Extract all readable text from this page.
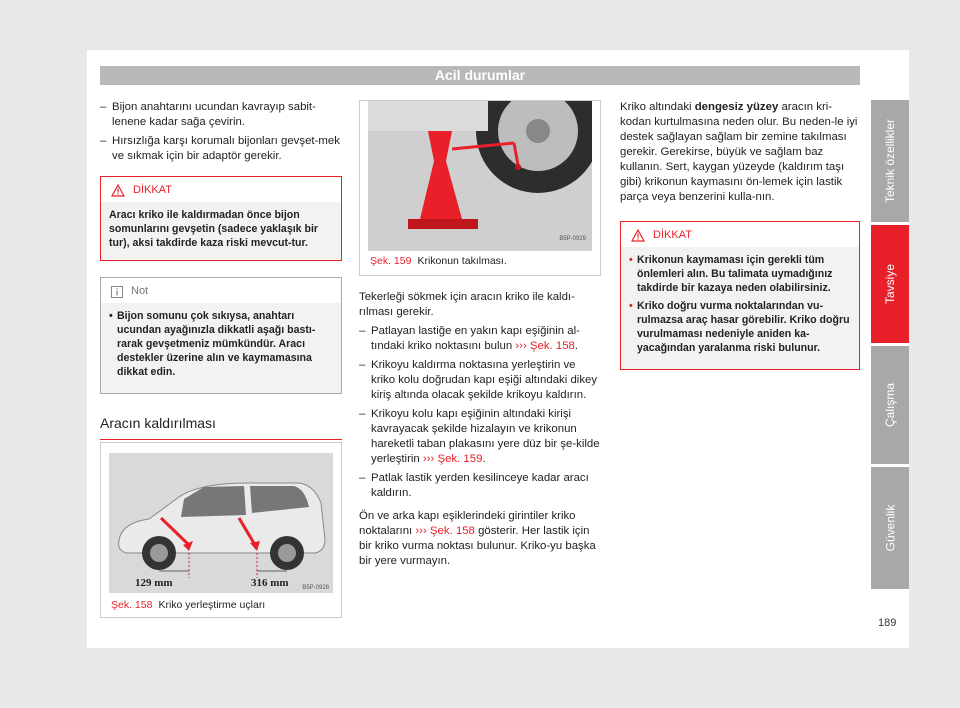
Acil durumlar
– Bijon anahtarını ucundan kavrayıp sabit-lenene kadar sağa çevirin.
– Hırsızlığa karşı korumalı bijonları gevşet-mek ve sıkmak için bir adaptör gerekir.
DİKKAT
Aracı kriko ile kaldırmadan önce bijon somunlarını gevşetin (sadece yaklaşık bir tur), aksi takdirde kaza riski mevcut-tur.
Not
• Bijon somunu çok sıkıysa, anahtarı ucundan ayağınızla dikkatli aşağı bastı-rarak gevşetmeniz mümkündür. Aracı destekler üzerine alın ve kaymamasına dikkat edin.
Aracın kaldırılması
129 mm	316 mm B5P-0928
Şek. 158 Kriko yerleştirme uçları
B5P-0929
Şek. 159 Krikonun takılması.

Tekerleği sökmek için aracın kriko ile kaldı-rılması gerekir.

– Patlayan lastiğe en yakın kapı eşiğinin al-tındaki kriko noktasını bulun ››› Şek. 158.
– Krikoyu kaldırma noktasına yerleştirin ve kriko kolu doğrudan kapı eşiği altındaki dikey kiriş altında olacak şekilde krikoyu kaldırın.
– Krikoyu kolu kapı eşiğinin altındaki kirişi kavrayacak şekilde hizalayın ve krikonun hareketli taban plakasını yere düz bir şe-kilde yerleştirin ››› Şek. 159.
– Patlak lastik yerden kesilinceye kadar aracı kaldırın.

Ön ve arka kapı eşiklerindeki girintiler kriko noktalarını ››› Şek. 158 gösterir. Her lastik için bir kriko vurma noktası bulunur. Kriko-yu başka bir yere vurmayın.

Kriko altındaki dengesiz yüzey aracın kri-kodan kurtulmasına neden olur. Bu neden-le iyi destek sağlayan sağlam bir zemine takılması gerekir. Gerekirse, büyük ve sağlam baz kullanın. Sert, kaygan yüzeyde (kaldırım taşı gibi) krikonun kaymasını ön-lemek için lastik parça veya benzerini kulla-nın.

DİKKAT
• Krikonun kaymaması için gerekli tüm önlemleri alın. Bu talimata uymadığınız takdirde bir kazaya neden olabilirsiniz.
• Kriko doğru vurma noktalarından vu-rulmazsa araç hasar görebilir. Kriko doğru vurulmaması nedeniyle aniden ka-yacağından yaralanma riski bulunur.
Teknik özellikler
Tavsiye
Çalışma
Güvenlik
189
